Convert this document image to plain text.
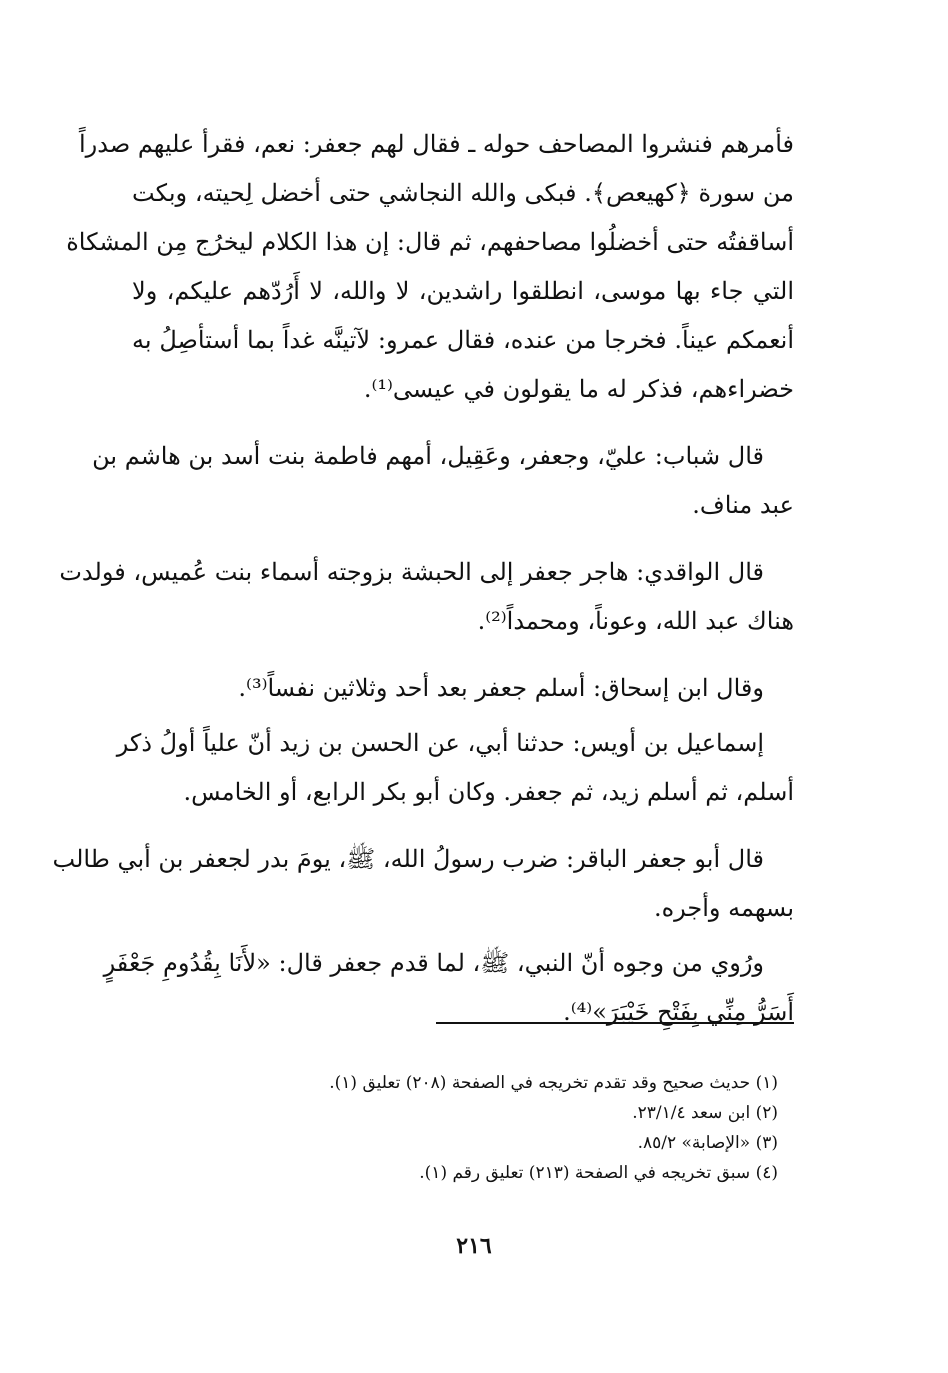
فأمرهم فنشروا المصاحف حوله ـ فقال لهم جعفر: نعم، فقرأ عليهم صدراً
من سورة ﴿كهيعص﴾. فبكى والله النجاشي حتى أخضل لِحيته، وبكت
أساقفتُه حتى أخضلُوا مصاحفهم، ثم قال: إن هذا الكلام ليخرُج مِن المشكاة
التي جاء بها موسى، انطلقوا راشدين، لا والله، لا أَرُدّهم عليكم، ولا
أنعمكم عيناً. فخرجا من عنده، فقال عمرو: لآتينَّه غداً بما أستأصِلُ به
خضراءهم، فذكر له ما يقولون في عيسى⁽¹⁾.

قال شباب: عليّ، وجعفر، وعَقِيل، أمهم فاطمة بنت أسد بن هاشم بن
عبد مناف.

قال الواقدي: هاجر جعفر إلى الحبشة بزوجته أسماء بنت عُميس، فولدت
هناك عبد الله، وعوناً، ومحمداً⁽²⁾.

وقال ابن إسحاق: أسلم جعفر بعد أحد وثلاثين نفساً⁽³⁾.

إسماعيل بن أويس: حدثنا أبي، عن الحسن بن زيد أنّ علياً أولُ ذكر
أسلم، ثم أسلم زيد، ثم جعفر. وكان أبو بكر الرابع، أو الخامس.

قال أبو جعفر الباقر: ضرب رسولُ الله، ﷺ، يومَ بدر لجعفر بن أبي طالب
بسهمه وأجره.

ورُوي من وجوه أنّ النبي، ﷺ، لما قدم جعفر قال: «لأَنَا بِقُدُومِ جَعْفَرٍ
أَسَرُّ مِنِّي بِفَتْحِ خَيْبَرَ»⁽⁴⁾.

(١) حديث صحيح وقد تقدم تخريجه في الصفحة (٢٠٨) تعليق (١).
(٢) ابن سعد ٢٣/١/٤.
(٣) «الإصابة» ٨٥/٢.
(٤) سبق تخريجه في الصفحة (٢١٣) تعليق رقم (١).
٢١٦
